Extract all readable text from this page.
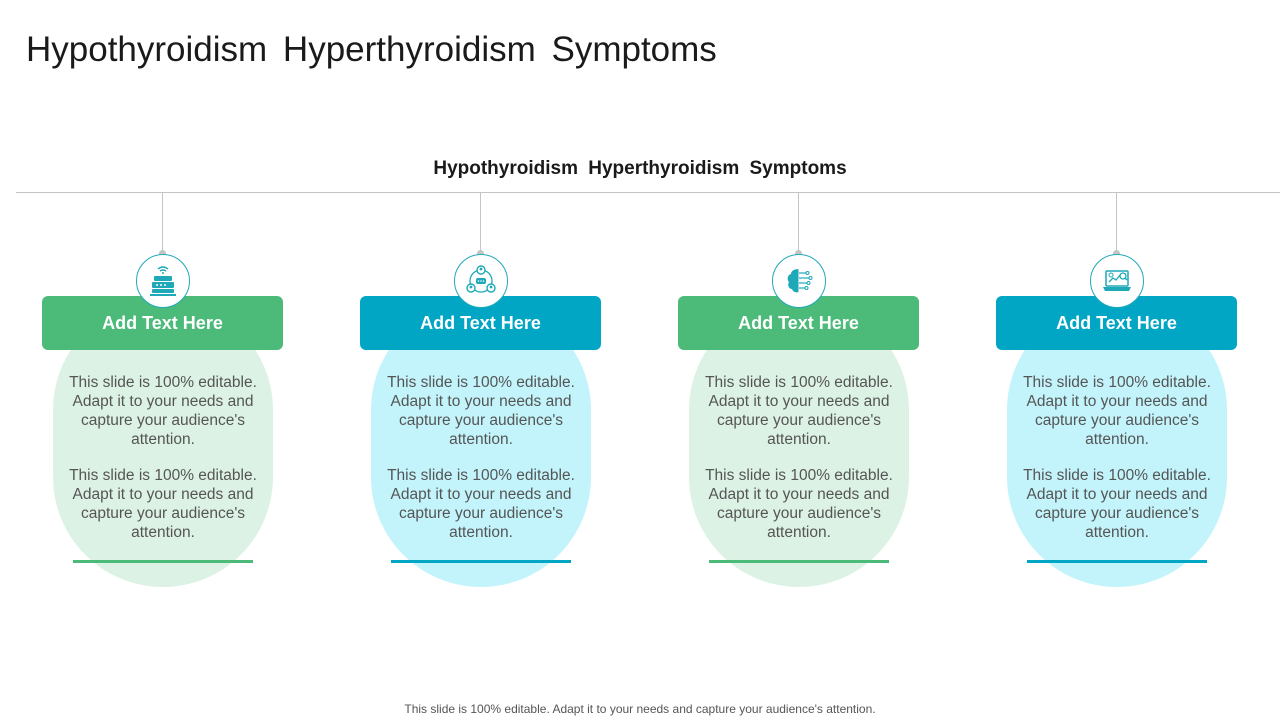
Hypothyroidism Hyperthyroidism Symptoms
Hypothyroidism Hyperthyroidism Symptoms
Add Text Here
This slide is 100% editable. Adapt it to your needs and capture your audience's attention.
This slide is 100% editable. Adapt it to your needs and capture your audience's attention.
Add Text Here
This slide is 100% editable. Adapt it to your needs and capture your audience's attention.
This slide is 100% editable. Adapt it to your needs and capture your audience's attention.
Add Text Here
This slide is 100% editable. Adapt it to your needs and capture your audience's attention.
This slide is 100% editable. Adapt it to your needs and capture your audience's attention.
Add Text Here
This slide is 100% editable. Adapt it to your needs and capture your audience's attention.
This slide is 100% editable. Adapt it to your needs and capture your audience's attention.
This slide is 100% editable. Adapt it to your needs and capture your audience's attention.
